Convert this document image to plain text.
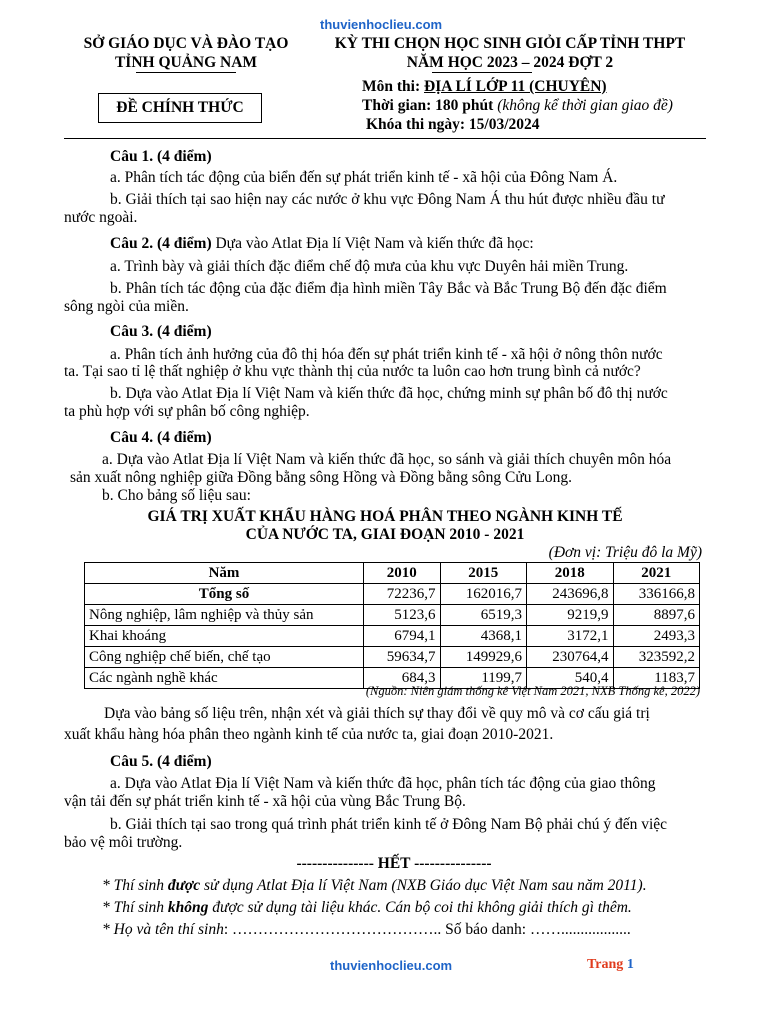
thuvienhoclieu.com
SỞ GIÁO DỤC VÀ ĐÀO TẠO
TỈNH QUẢNG NAM
KỲ THI CHỌN HỌC SINH GIỎI CẤP TỈNH THPT
NĂM HỌC 2023 – 2024 ĐỢT 2
ĐỀ CHÍNH THỨC
Môn thi: ĐỊA LÍ LỚP 11 (CHUYÊN)
Thời gian: 180 phút (không kể thời gian giao đề)
Khóa thi ngày: 15/03/2024
Câu 1. (4 điểm)
a. Phân tích tác động của biển đến sự phát triển kinh tế - xã hội của Đông Nam Á.
b. Giải thích tại sao hiện nay các nước ở khu vực Đông Nam Á thu hút được nhiều đầu tư
nước ngoài.
Câu 2. (4 điểm) Dựa vào Atlat Địa lí Việt Nam và kiến thức đã học:
a. Trình bày và giải thích đặc điểm chế độ mưa của khu vực Duyên hải miền Trung.
b. Phân tích tác động của đặc điểm địa hình miền Tây Bắc và Bắc Trung Bộ đến đặc điểm
sông ngòi của miền.
Câu 3. (4 điểm)
a. Phân tích ảnh hưởng của đô thị hóa đến sự phát triển kinh tế - xã hội ở nông thôn nước
ta. Tại sao tỉ lệ thất nghiệp ở khu vực thành thị của nước ta luôn cao hơn trung bình cả nước?
b. Dựa vào Atlat Địa lí Việt Nam và kiến thức đã học, chứng minh sự phân bố đô thị nước
ta phù hợp với sự phân bố công nghiệp.
Câu 4. (4 điểm)
a. Dựa vào Atlat Địa lí Việt Nam và kiến thức đã học, so sánh và giải thích chuyên môn hóa
sản xuất nông nghiệp giữa Đồng bằng sông Hồng và Đồng bằng sông Cửu Long.
b. Cho bảng số liệu sau:
GIÁ TRỊ XUẤT KHẨU HÀNG HOÁ PHÂN THEO NGÀNH KINH TẾ
CỦA NƯỚC TA, GIAI ĐOẠN 2010 - 2021
(Đơn vị: Triệu đô la Mỹ)
Năm	2010	2015	2018	2021
Tổng số	72236,7	162016,7	243696,8	336166,8
Nông nghiệp, lâm nghiệp và thủy sản	5123,6	6519,3	9219,9	8897,6
Khai khoáng	6794,1	4368,1	3172,1	2493,3
Công nghiệp chế biến, chế tạo	59634,7	149929,6	230764,4	323592,2
Các ngành nghề khác	684,3	1199,7	540,4	1183,7
(Nguồn: Niên giám thống kê Việt Nam 2021, NXB Thống kê, 2022)
Dựa vào bảng số liệu trên, nhận xét và giải thích sự thay đổi về quy mô và cơ cấu giá trị
xuất khẩu hàng hóa phân theo ngành kinh tế của nước ta, giai đoạn 2010-2021.
Câu 5. (4 điểm)
a. Dựa vào Atlat Địa lí Việt Nam và kiến thức đã học, phân tích tác động của giao thông
vận tải đến sự phát triển kinh tế - xã hội của vùng Bắc Trung Bộ.
b. Giải thích tại sao trong quá trình phát triển kinh tế ở Đông Nam Bộ phải chú ý đến việc
bảo vệ môi trường.
--------------- HẾT ---------------
* Thí sinh được sử dụng Atlat Địa lí Việt Nam (NXB Giáo dục Việt Nam sau năm 2011).
* Thí sinh không được sử dụng tài liệu khác. Cán bộ coi thi không giải thích gì thêm.
* Họ và tên thí sinh: ………………………………….. Số báo danh: ……..................
thuvienhoclieu.com	Trang 1
